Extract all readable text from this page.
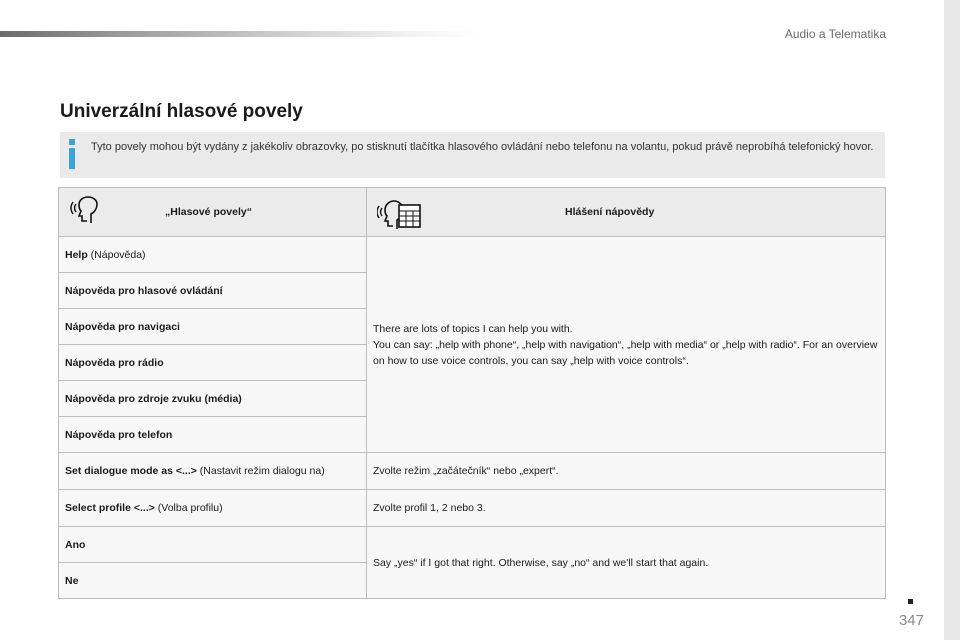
Audio a Telematika
Univerzální hlasové povely
Tyto povely mohou být vydány z jakékoliv obrazovky, po stisknutí tlačítka hlasového ovládání nebo telefonu na volantu, pokud právě neprobíhá telefonický hovor.
„Hlasové povely“	Hlášení nápovědy

Help (Nápověda)	There are lots of topics I can help you with.
You can say: „help with phone“, „help with navigation“, „help with media“ or „help with radio“. For an overview on how to use voice controls, you can say „help with voice controls“.

Nápověda pro hlasové ovládání	
Nápověda pro navigaci	
Nápověda pro rádio	
Nápověda pro zdroje zvuku (média)	
Nápověda pro telefon	
Set dialogue mode as <...> (Nastavit režim dialogu na)	Zvolte režim „začátečník“ nebo „expert“.
Select profile <...> (Volba profilu)	Zvolte profil 1, 2 nebo 3.
Ano	Say „yes“ if I got that right. Otherwise, say „no“ and we'll start that again.
Ne	
347
